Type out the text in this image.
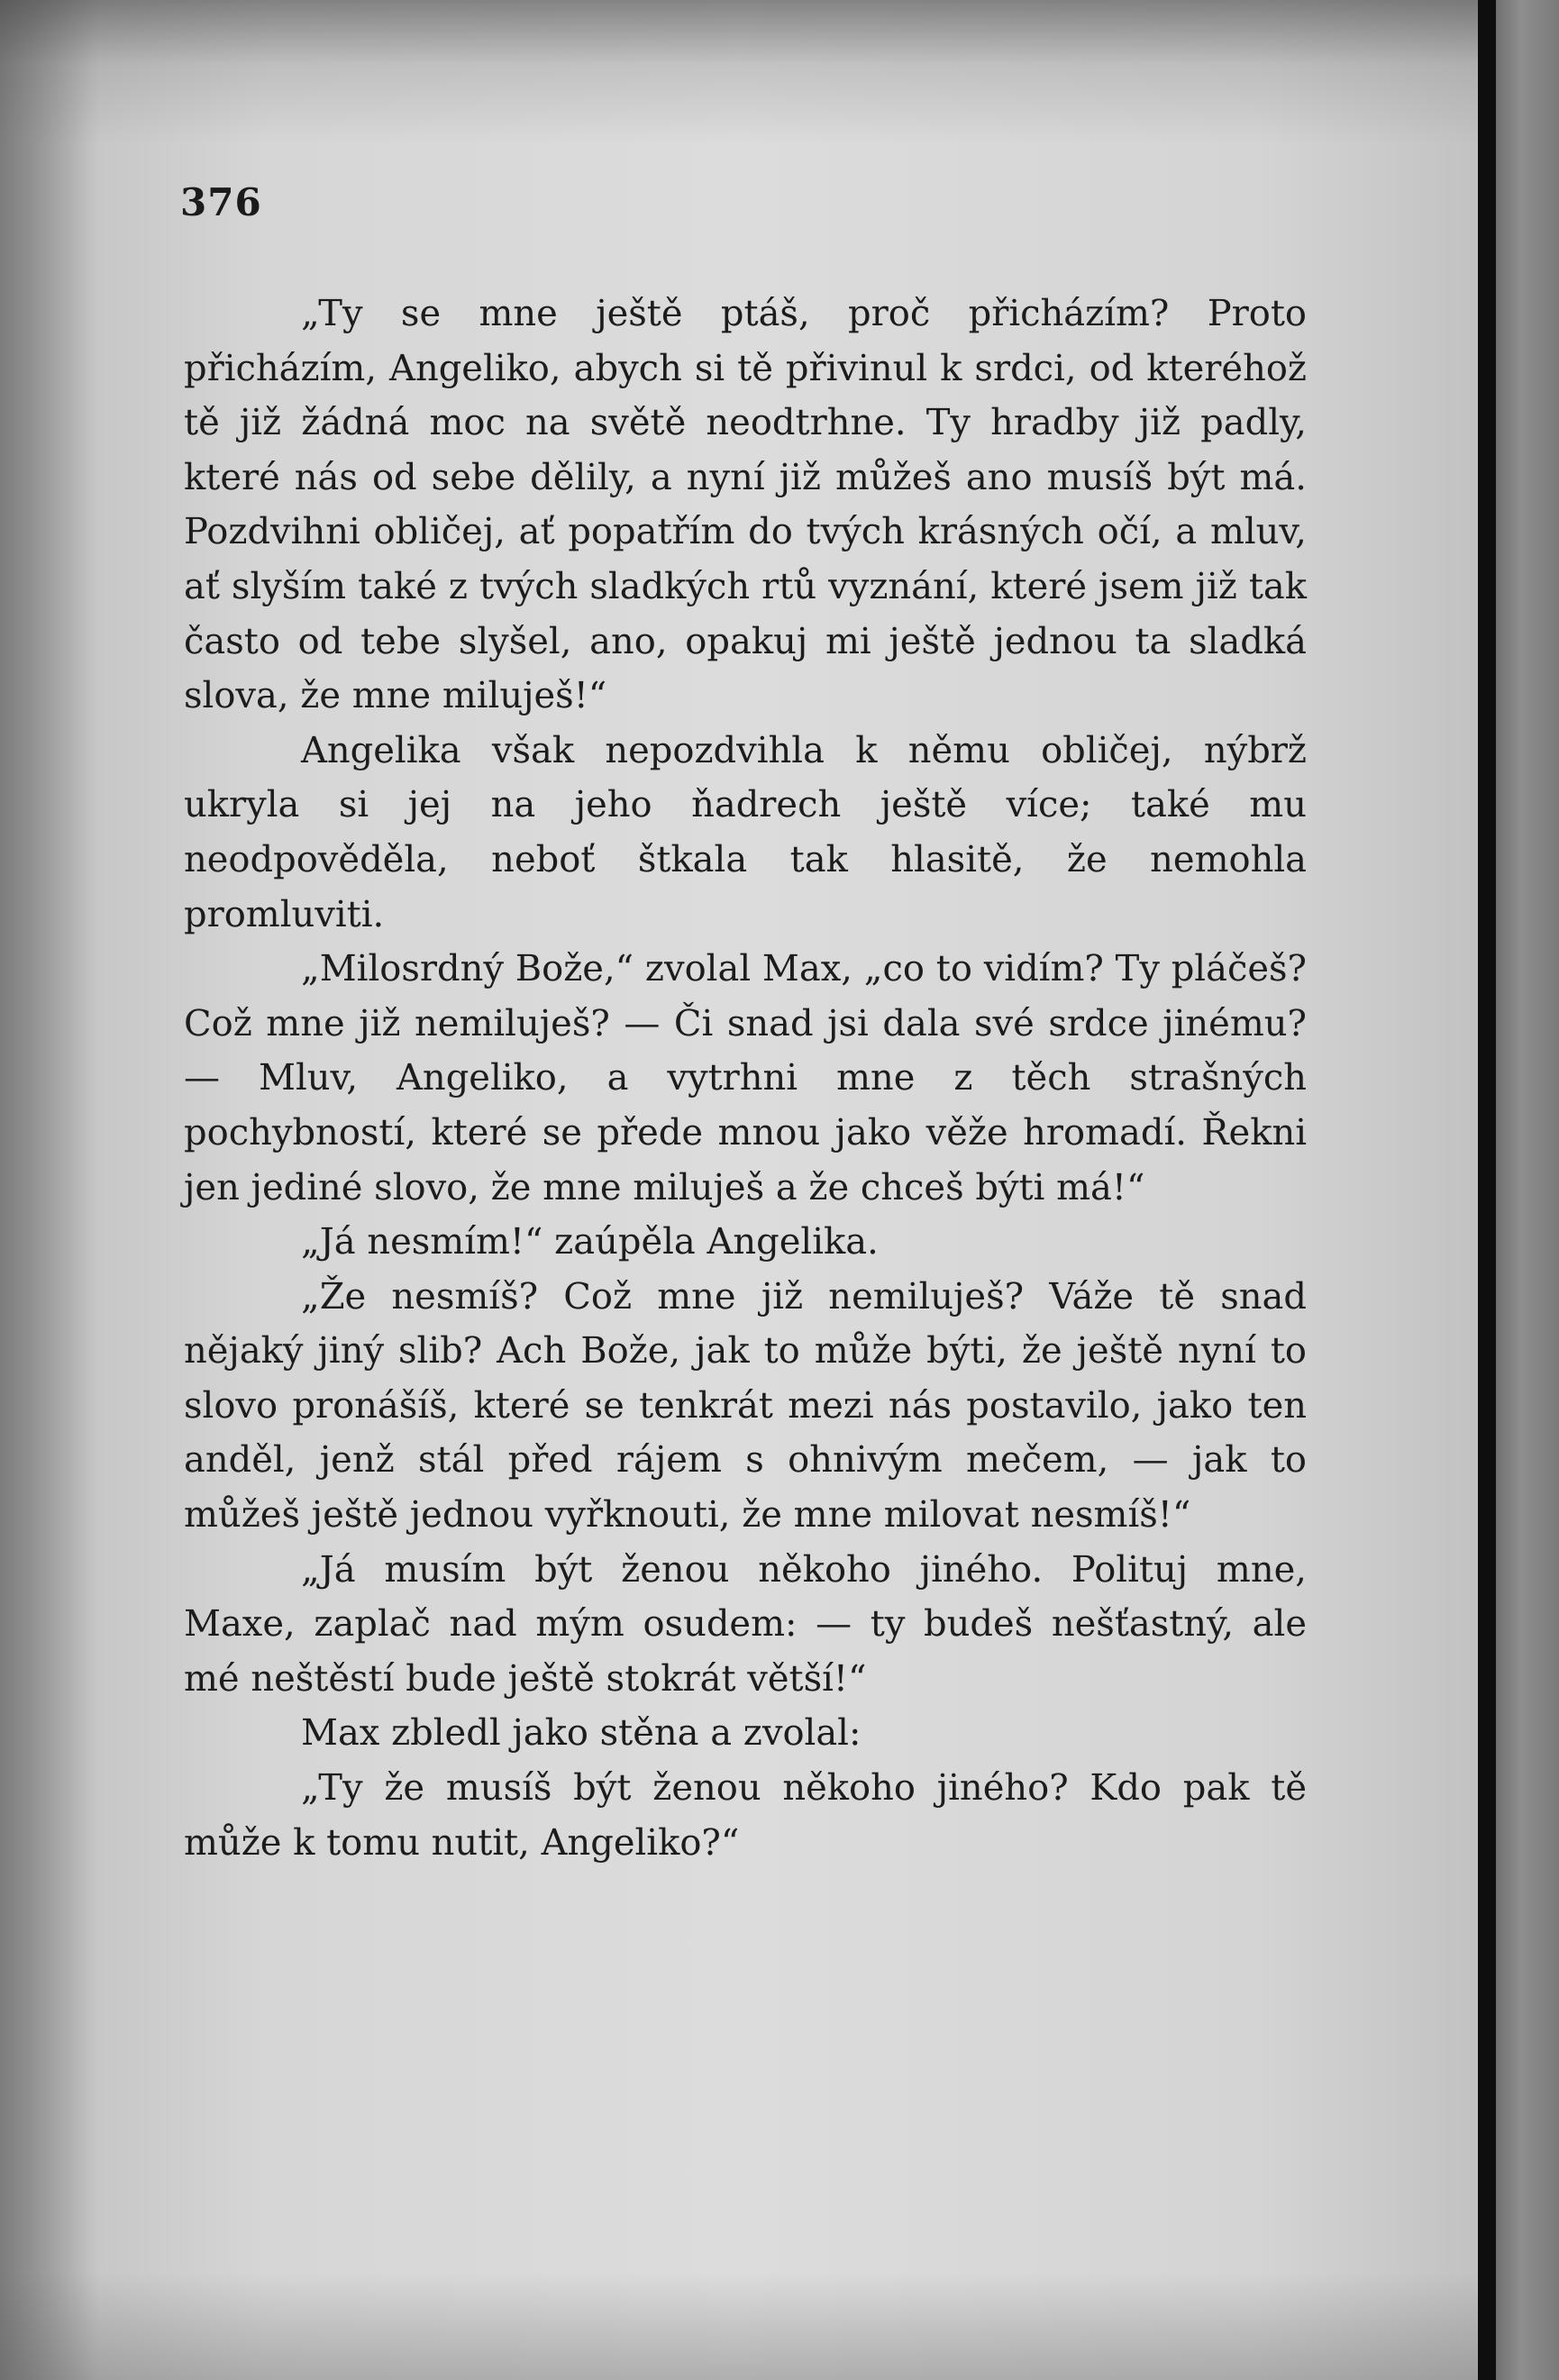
376

„Ty se mne ještě ptáš, proč přicházím? Proto přicházím, Angeliko, abych si tě přivinul k srdci, od kteréhož tě již žádná moc na světě neodtrhne. Ty hradby již padly, které nás od sebe dělily, a nyní již můžeš ano musíš být má. Pozdvihni obličej, ať popatřím do tvých krásných očí, a mluv, ať slyším také z tvých sladkých rtů vyznání, které jsem již tak často od tebe slyšel, ano, opakuj mi ještě jednou ta sladká slova, že mne miluješ!“

Angelika však nepozdvihla k němu obličej, nýbrž ukryla si jej na jeho ňadrech ještě více; také mu neodpověděla, neboť štkala tak hlasitě, že nemohla promluviti.

„Milosrdný Bože,“ zvolal Max, „co to vidím? Ty pláčeš? Což mne již nemiluješ? — Či snad jsi dala své srdce jinému? — Mluv, Angeliko, a vytrhni mne z těch strašných pochybností, které se přede mnou jako věže hromadí. Řekni jen jediné slovo, že mne miluješ a že chceš býti má!“

„Já nesmím!“ zaúpěla Angelika.

„Že nesmíš? Což mne již nemiluješ? Váže tě snad nějaký jiný slib? Ach Bože, jak to může býti, že ještě nyní to slovo pronášíš, které se tenkrát mezi nás postavilo, jako ten anděl, jenž stál před rájem s ohnivým mečem, — jak to můžeš ještě jednou vyřknouti, že mne milovat nesmíš!“

„Já musím být ženou někoho jiného. Polituj mne, Maxe, zaplač nad mým osudem: — ty budeš nešťastný, ale mé neštěstí bude ještě stokrát větší!“

Max zbledl jako stěna a zvolal:

„Ty že musíš být ženou někoho jiného? Kdo pak tě může k tomu nutit, Angeliko?“
